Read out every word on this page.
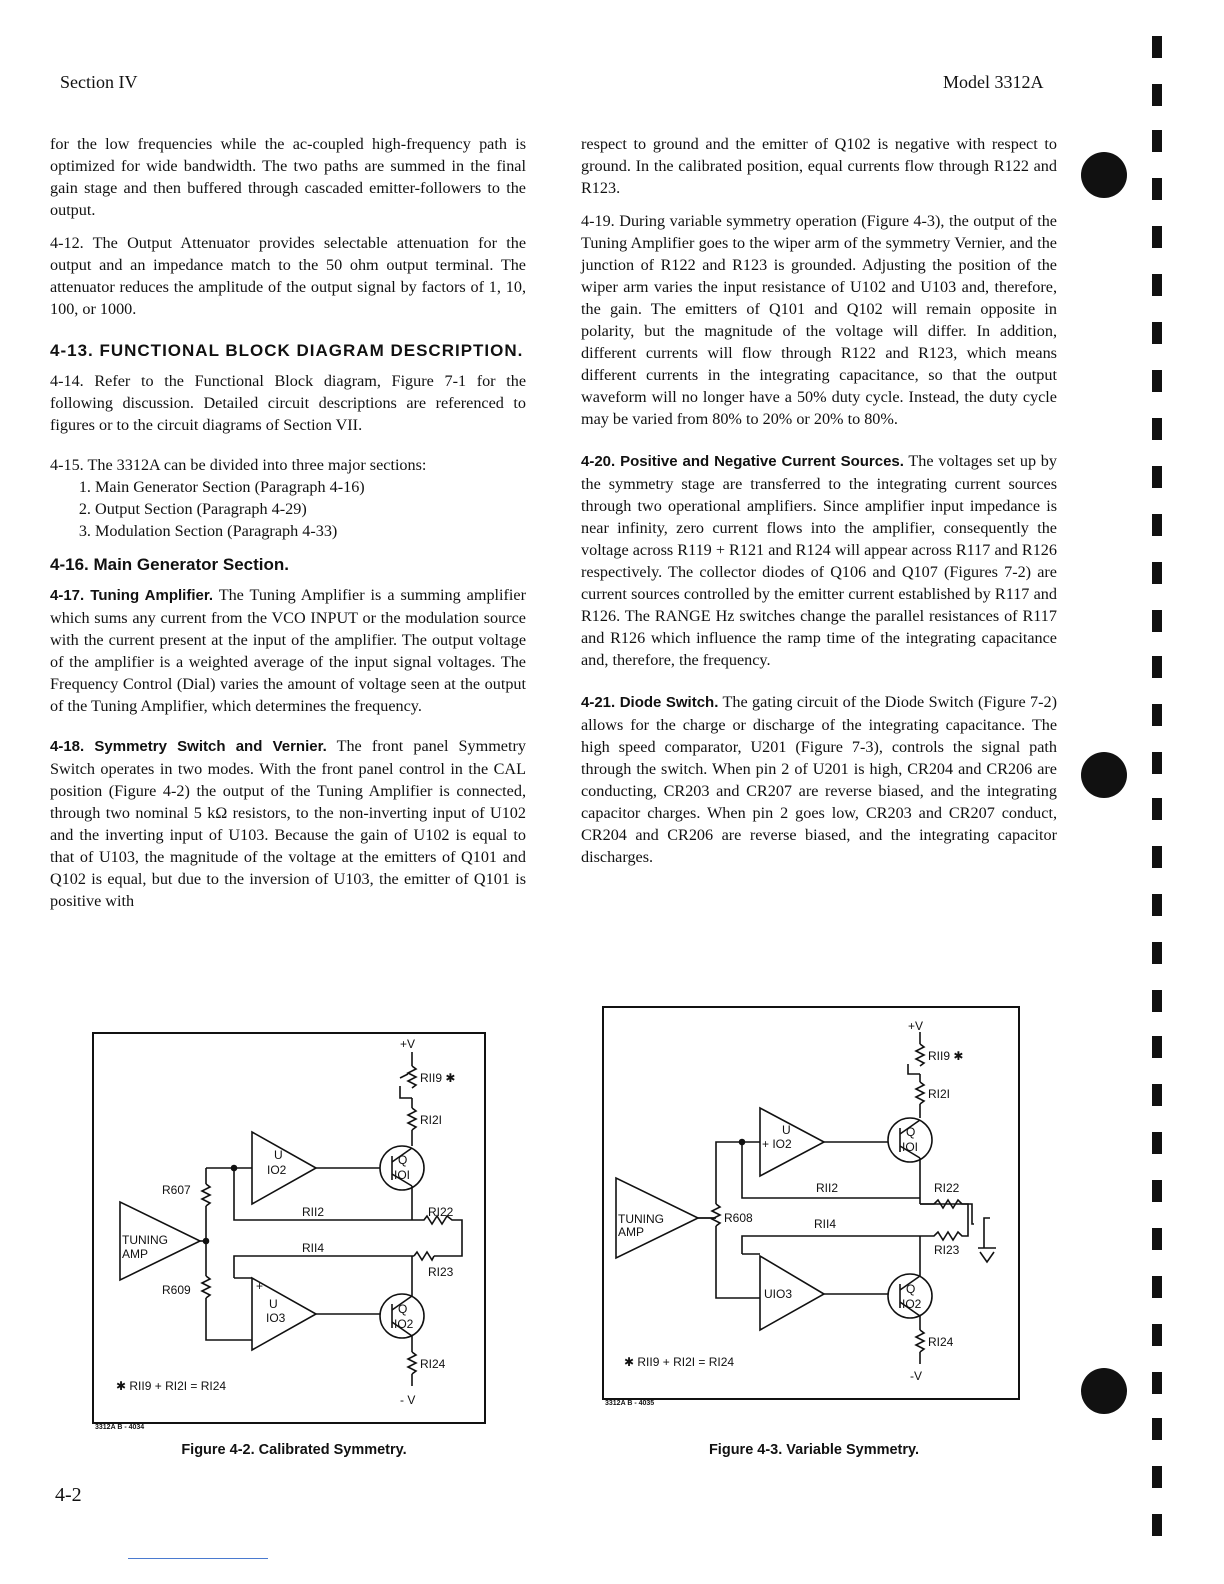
Section IV	Model 3312A

for the low frequencies while the ac-coupled high-frequency path is optimized for wide bandwidth. The two paths are summed in the final gain stage and then buffered through cascaded emitter-followers to the output.

4-12. The Output Attenuator provides selectable attenuation for the output and an impedance match to the 50 ohm output terminal. The attenuator reduces the amplitude of the output signal by factors of 1, 10, 100, or 1000.

4-13. FUNCTIONAL BLOCK DIAGRAM DESCRIPTION.

4-14. Refer to the Functional Block diagram, Figure 7-1 for the following discussion. Detailed circuit descriptions are referenced to figures or to the circuit diagrams of Section VII.

4-15. The 3312A can be divided into three major sections:

1. Main Generator Section (Paragraph 4-16)
2. Output Section (Paragraph 4-29)
3. Modulation Section (Paragraph 4-33)
4-16. Main Generator Section.

4-17. Tuning Amplifier. The Tuning Amplifier is a summing amplifier which sums any current from the VCO INPUT or the modulation source with the current present at the input of the amplifier. The output voltage of the amplifier is a weighted average of the input signal voltages. The Frequency Control (Dial) varies the amount of voltage seen at the output of the Tuning Amplifier, which determines the frequency.

4-18. Symmetry Switch and Vernier. The front panel Symmetry Switch operates in two modes. With the front panel control in the CAL position (Figure 4-2) the output of the Tuning Amplifier is connected, through two nominal 5 kΩ resistors, to the non-inverting input of U102 and the inverting input of U103. Because the gain of U102 is equal to that of U103, the magnitude of the voltage at the emitters of Q101 and Q102 is equal, but due to the inversion of U103, the emitter of Q101 is positive with

respect to ground and the emitter of Q102 is negative with respect to ground. In the calibrated position, equal currents flow through R122 and R123.

4-19. During variable symmetry operation (Figure 4-3), the output of the Tuning Amplifier goes to the wiper arm of the symmetry Vernier, and the junction of R122 and R123 is grounded. Adjusting the position of the wiper arm varies the input resistance of U102 and U103 and, therefore, the gain. The emitters of Q101 and Q102 will remain opposite in polarity, but the magnitude of the voltage will differ. In addition, different currents will flow through R122 and R123, which means different currents in the integrating capacitance, so that the output waveform will no longer have a 50% duty cycle. Instead, the duty cycle may be varied from 80% to 20% or 20% to 80%.

4-20. Positive and Negative Current Sources. The voltages set up by the symmetry stage are transferred to the integrating current sources through two operational amplifiers. Since amplifier input impedance is near infinity, zero current flows into the amplifier, consequently the voltage across R119 + R121 and R124 will appear across R117 and R126 respectively. The collector diodes of Q106 and Q107 (Figures 7-2) are current sources controlled by the emitter current established by R117 and R126. The RANGE Hz switches change the parallel resistances of R117 and R126 which influence the ramp time of the integrating capacitance and, therefore, the frequency.

4-21. Diode Switch. The gating circuit of the Diode Switch (Figure 7-2) allows for the charge or discharge of the integrating capacitance. The high speed comparator, U201 (Figure 7-3), controls the signal path through the switch. When pin 2 of U201 is high, CR204 and CR206 are conducting, CR203 and CR207 are reverse biased, and the integrating capacitor charges. When pin 2 goes low, CR203 and CR207 conduct, CR204 and CR206 are reverse biased, and the integrating capacitor discharges.

+V
RII9 ✱
RI2I
U
IO2
Q
IOI
R607
RII2	RI22
TUNING
AMP	RII4
RI23
R609	+
U
IO3
Q
IO2
RI24
✱ RII9 + RI2I = RI24
- V
3312A B - 4034
Figure 4-2. Calibrated Symmetry.
+V
RII9 ✱
RI2I
U
+ IO2
Q
IOI
RII2	RI22
TUNING
AMP
R608	RII4
RI23
UIO3	Q
IO2
RI24
✱ RII9 + RI2I = RI24
-V
3312A B - 4035
Figure 4-3. Variable Symmetry.
4-2
